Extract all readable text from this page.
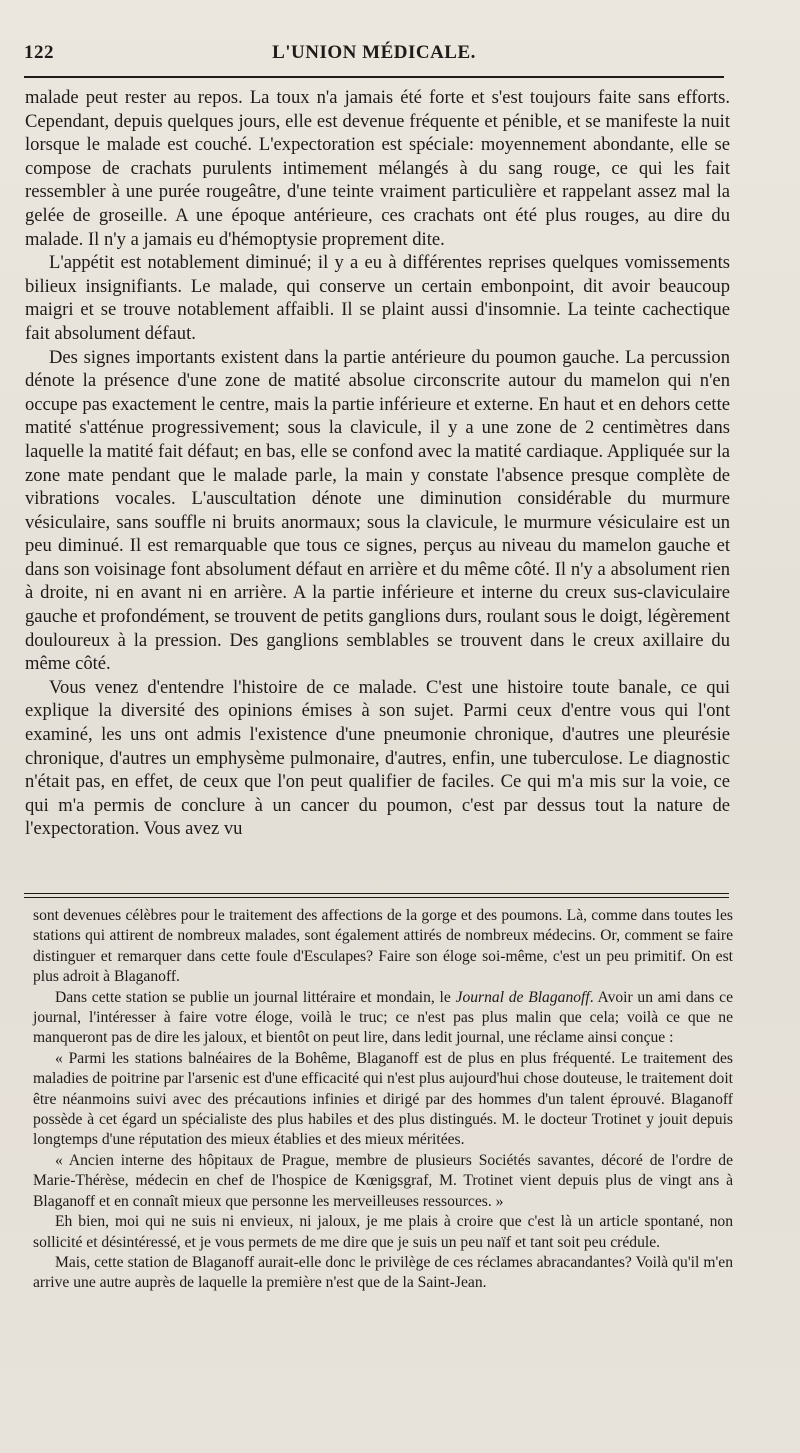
122	L'UNION MÉDICALE.

malade peut rester au repos. La toux n'a jamais été forte et s'est toujours faite sans efforts. Cependant, depuis quelques jours, elle est devenue fréquente et pénible, et se manifeste la nuit lorsque le malade est couché. L'expectoration est spéciale: moyennement abondante, elle se compose de crachats purulents intimement mélangés à du sang rouge, ce qui les fait ressembler à une purée rougeâtre, d'une teinte vraiment particulière et rappelant assez mal la gelée de groseille. A une époque antérieure, ces crachats ont été plus rouges, au dire du malade. Il n'y a jamais eu d'hémoptysie proprement dite.

L'appétit est notablement diminué; il y a eu à différentes reprises quelques vomissements bilieux insignifiants. Le malade, qui conserve un certain embonpoint, dit avoir beaucoup maigri et se trouve notablement affaibli. Il se plaint aussi d'insomnie. La teinte cachectique fait absolument défaut.

Des signes importants existent dans la partie antérieure du poumon gauche. La percussion dénote la présence d'une zone de matité absolue circonscrite autour du mamelon qui n'en occupe pas exactement le centre, mais la partie inférieure et externe. En haut et en dehors cette matité s'atténue progressivement; sous la clavicule, il y a une zone de 2 centimètres dans laquelle la matité fait défaut; en bas, elle se confond avec la matité cardiaque. Appliquée sur la zone mate pendant que le malade parle, la main y constate l'absence presque complète de vibrations vocales. L'auscultation dénote une diminution considérable du murmure vésiculaire, sans souffle ni bruits anormaux; sous la clavicule, le murmure vésiculaire est un peu diminué. Il est remarquable que tous ce signes, perçus au niveau du mamelon gauche et dans son voisinage font absolument défaut en arrière et du même côté. Il n'y a absolument rien à droite, ni en avant ni en arrière. A la partie inférieure et interne du creux sus-claviculaire gauche et profondément, se trouvent de petits ganglions durs, roulant sous le doigt, légèrement douloureux à la pression. Des ganglions semblables se trouvent dans le creux axillaire du même côté.

Vous venez d'entendre l'histoire de ce malade. C'est une histoire toute banale, ce qui explique la diversité des opinions émises à son sujet. Parmi ceux d'entre vous qui l'ont examiné, les uns ont admis l'existence d'une pneumonie chronique, d'autres une pleurésie chronique, d'autres un emphysème pulmonaire, d'autres, enfin, une tuberculose. Le diagnostic n'était pas, en effet, de ceux que l'on peut qualifier de faciles. Ce qui m'a mis sur la voie, ce qui m'a permis de conclure à un cancer du poumon, c'est par dessus tout la nature de l'expectoration. Vous avez vu

sont devenues célèbres pour le traitement des affections de la gorge et des poumons. Là, comme dans toutes les stations qui attirent de nombreux malades, sont également attirés de nombreux médecins. Or, comment se faire distinguer et remarquer dans cette foule d'Esculapes? Faire son éloge soi-même, c'est un peu primitif. On est plus adroit à Blaganoff.

Dans cette station se publie un journal littéraire et mondain, le Journal de Blaganoff. Avoir un ami dans ce journal, l'intéresser à faire votre éloge, voilà le truc; ce n'est pas plus malin que cela; voilà ce que ne manqueront pas de dire les jaloux, et bientôt on peut lire, dans ledit journal, une réclame ainsi conçue :

« Parmi les stations balnéaires de la Bohême, Blaganoff est de plus en plus fréquenté. Le traitement des maladies de poitrine par l'arsenic est d'une efficacité qui n'est plus aujourd'hui chose douteuse, le traitement doit être néanmoins suivi avec des précautions infinies et dirigé par des hommes d'un talent éprouvé. Blaganoff possède à cet égard un spécialiste des plus habiles et des plus distingués. M. le docteur Trotinet y jouit depuis longtemps d'une réputation des mieux établies et des mieux méritées.

« Ancien interne des hôpitaux de Prague, membre de plusieurs Sociétés savantes, décoré de l'ordre de Marie-Thérèse, médecin en chef de l'hospice de Kœnigsgraf, M. Trotinet vient depuis plus de vingt ans à Blaganoff et en connaît mieux que personne les merveilleuses ressources. »

Eh bien, moi qui ne suis ni envieux, ni jaloux, je me plais à croire que c'est là un article spontané, non sollicité et désintéressé, et je vous permets de me dire que je suis un peu naïf et tant soit peu crédule.

Mais, cette station de Blaganoff aurait-elle donc le privilège de ces réclames abracandantes? Voilà qu'il m'en arrive une autre auprès de laquelle la première n'est que de la Saint-Jean.
